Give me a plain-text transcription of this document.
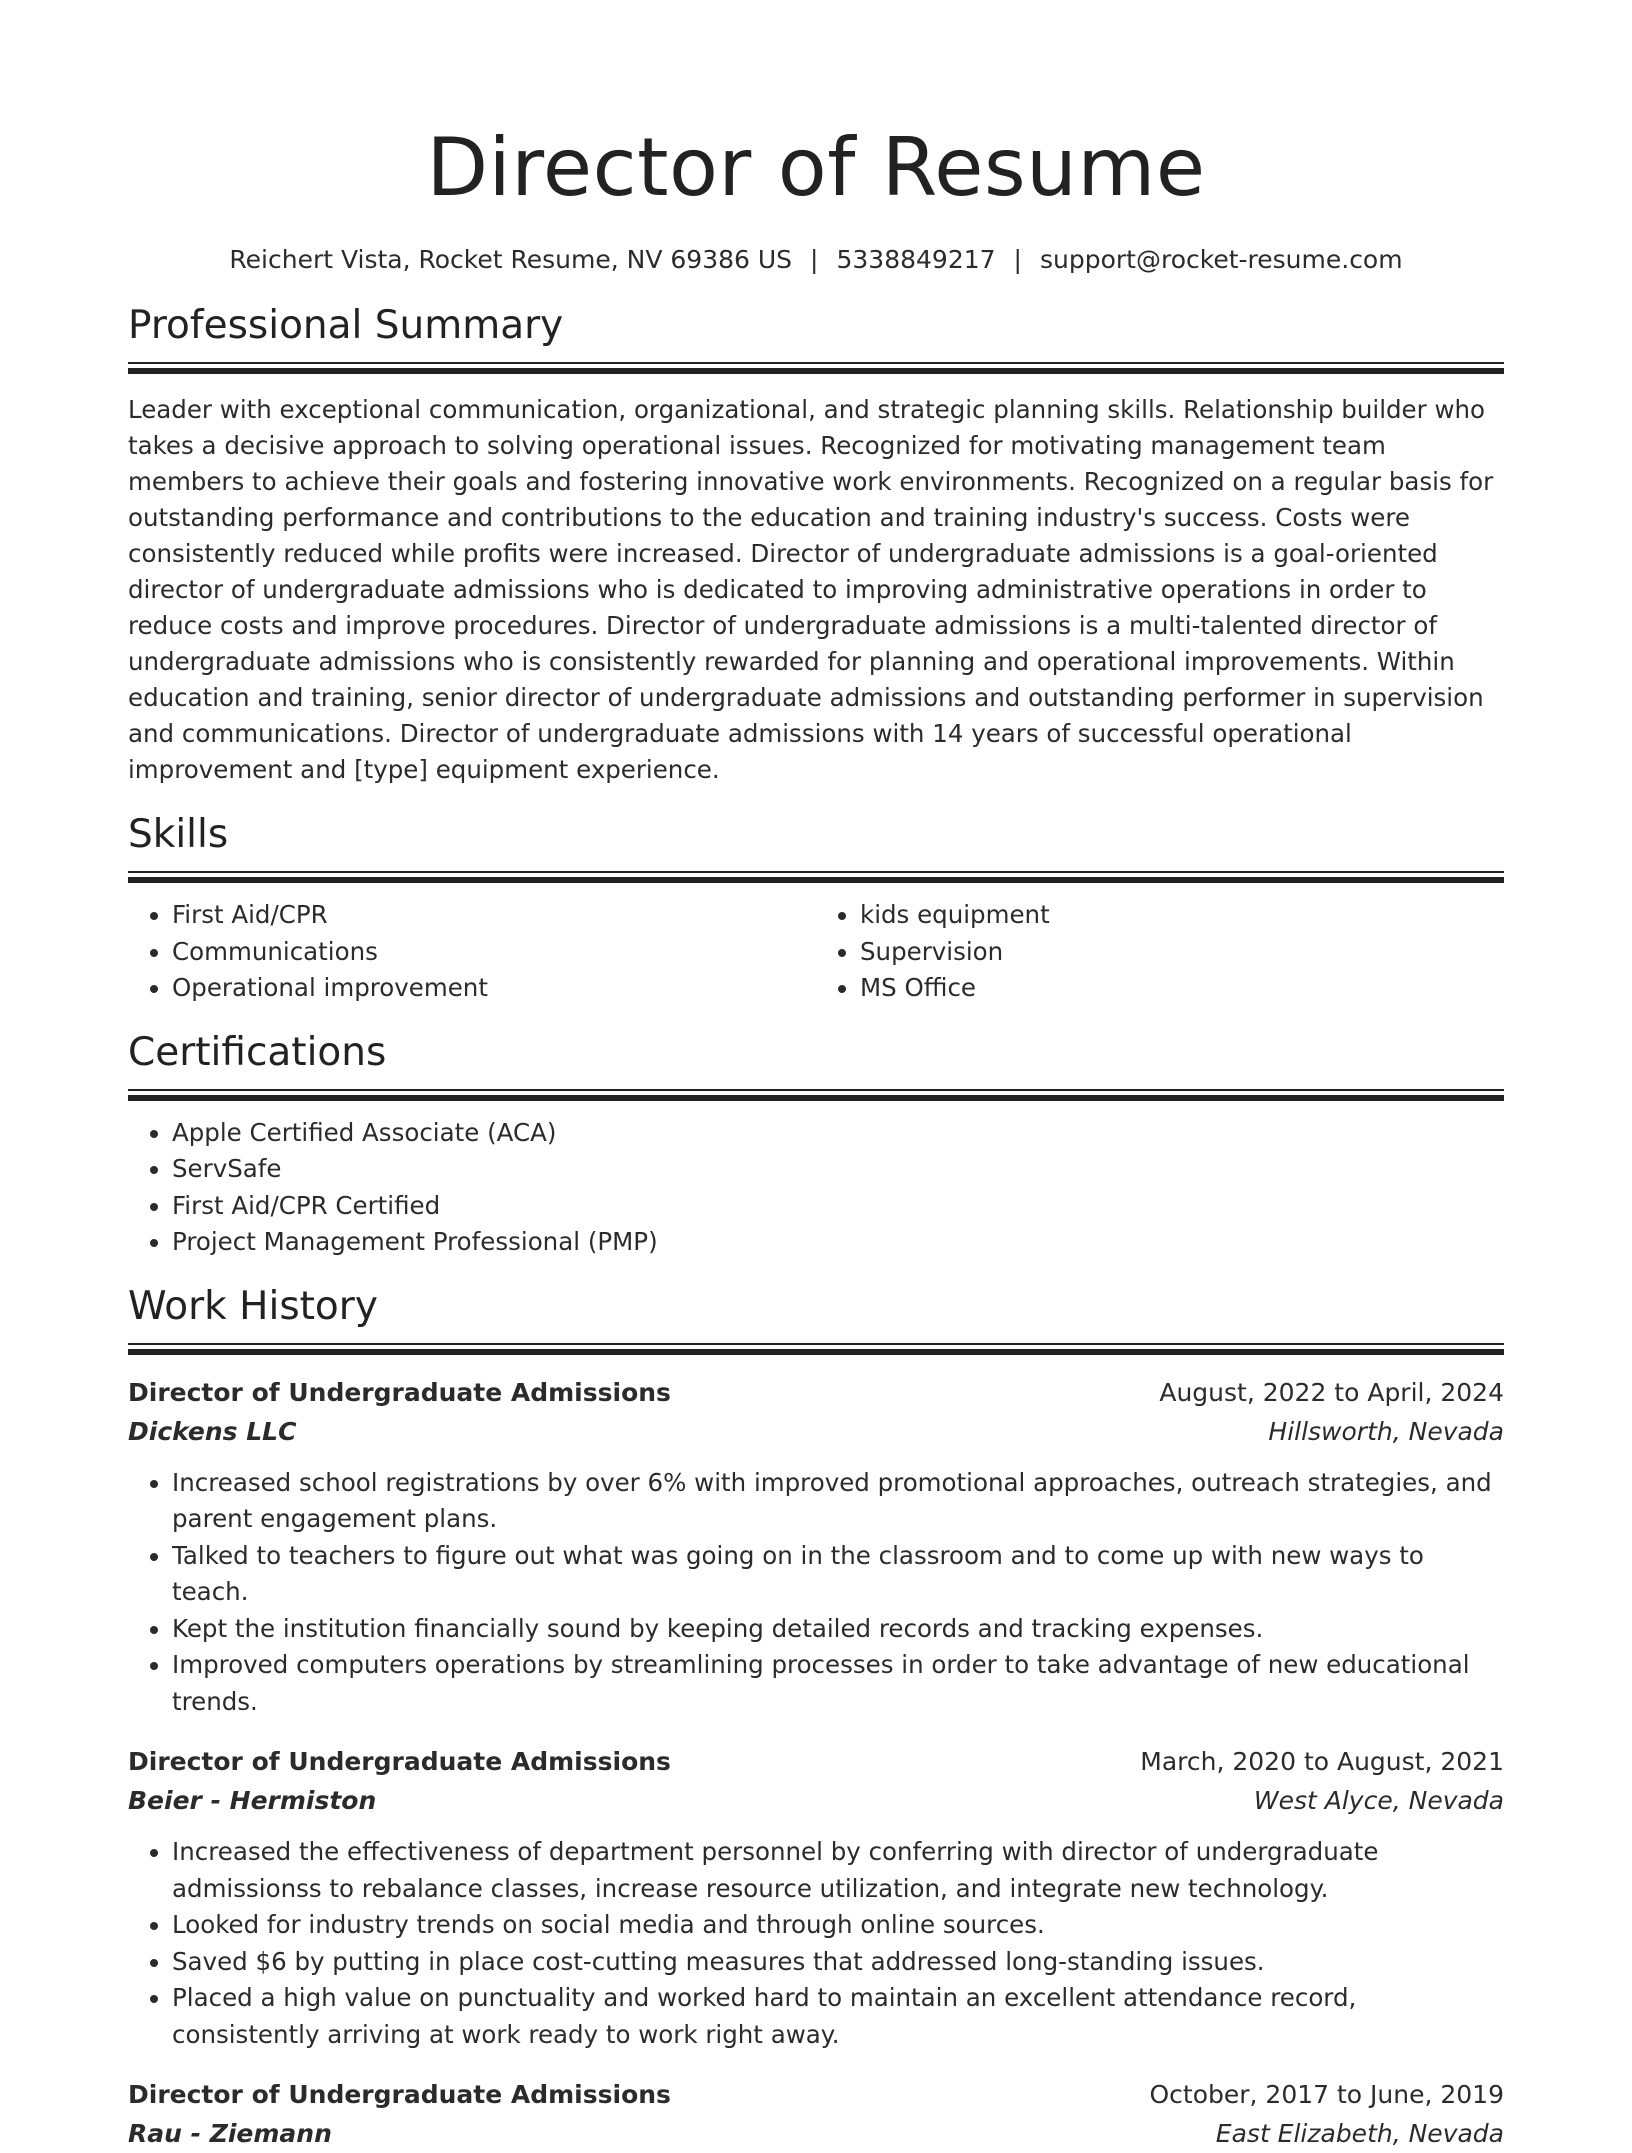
Director of Resume
Reichert Vista, Rocket Resume, NV 69386 US | 5338849217 | support@rocket-resume.com
Professional Summary
Leader with exceptional communication, organizational, and strategic planning skills. Relationship builder who takes a decisive approach to solving operational issues. Recognized for motivating management team members to achieve their goals and fostering innovative work environments. Recognized on a regular basis for outstanding performance and contributions to the education and training industry's success. Costs were consistently reduced while profits were increased. Director of undergraduate admissions is a goal-oriented director of undergraduate admissions who is dedicated to improving administrative operations in order to reduce costs and improve procedures. Director of undergraduate admissions is a multi-talented director of undergraduate admissions who is consistently rewarded for planning and operational improvements. Within education and training, senior director of undergraduate admissions and outstanding performer in supervision and communications. Director of undergraduate admissions with 14 years of successful operational improvement and [type] equipment experience.
Skills
• First Aid/CPR
• Communications
• Operational improvement
• kids equipment
• Supervision
• MS Office
Certifications
• Apple Certified Associate (ACA)
• ServSafe
• First Aid/CPR Certified
• Project Management Professional (PMP)
Work History
Director of Undergraduate Admissions	August, 2022 to April, 2024
Dickens LLC	Hillsworth, Nevada
• Increased school registrations by over 6% with improved promotional approaches, outreach strategies, and parent engagement plans.
• Talked to teachers to figure out what was going on in the classroom and to come up with new ways to teach.
• Kept the institution financially sound by keeping detailed records and tracking expenses.
• Improved computers operations by streamlining processes in order to take advantage of new educational trends.
Director of Undergraduate Admissions	March, 2020 to August, 2021
Beier - Hermiston	West Alyce, Nevada
• Increased the effectiveness of department personnel by conferring with director of undergraduate admissionss to rebalance classes, increase resource utilization, and integrate new technology.
• Looked for industry trends on social media and through online sources.
• Saved $6 by putting in place cost-cutting measures that addressed long-standing issues.
• Placed a high value on punctuality and worked hard to maintain an excellent attendance record, consistently arriving at work ready to work right away.
Director of Undergraduate Admissions	October, 2017 to June, 2019
Rau - Ziemann	East Elizabeth, Nevada
